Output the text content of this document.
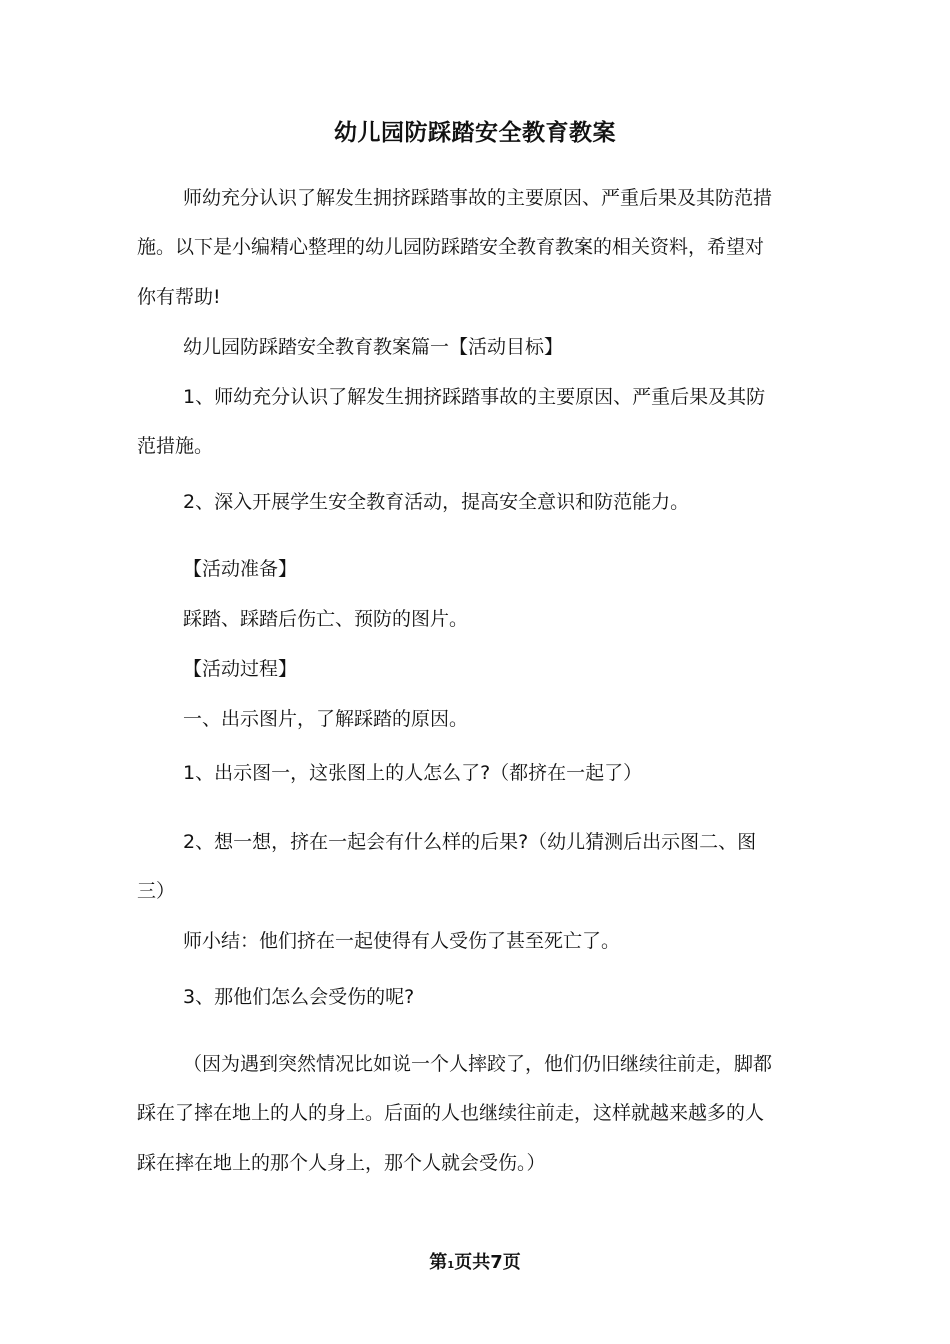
幼儿园防踩踏安全教育教案
师幼充分认识了解发生拥挤踩踏事故的主要原因、严重后果及其防范措
施。以下是小编精心整理的幼儿园防踩踏安全教育教案的相关资料，希望对
你有帮助!
幼儿园防踩踏安全教育教案篇一【活动目标】
1、师幼充分认识了解发生拥挤踩踏事故的主要原因、严重后果及其防
范措施。
2、深入开展学生安全教育活动，提高安全意识和防范能力。
【活动准备】
踩踏、踩踏后伤亡、预防的图片。
【活动过程】
一、出示图片，了解踩踏的原因。
1、出示图一，这张图上的人怎么了?（都挤在一起了）
2、想一想，挤在一起会有什么样的后果?（幼儿猜测后出示图二、图
三）
师小结：他们挤在一起使得有人受伤了甚至死亡了。
3、那他们怎么会受伤的呢?
（因为遇到突然情况比如说一个人摔跤了，他们仍旧继续往前走，脚都
踩在了摔在地上的人的身上。后面的人也继续往前走，这样就越来越多的人
踩在摔在地上的那个人身上，那个人就会受伤。）
第1页共7页
